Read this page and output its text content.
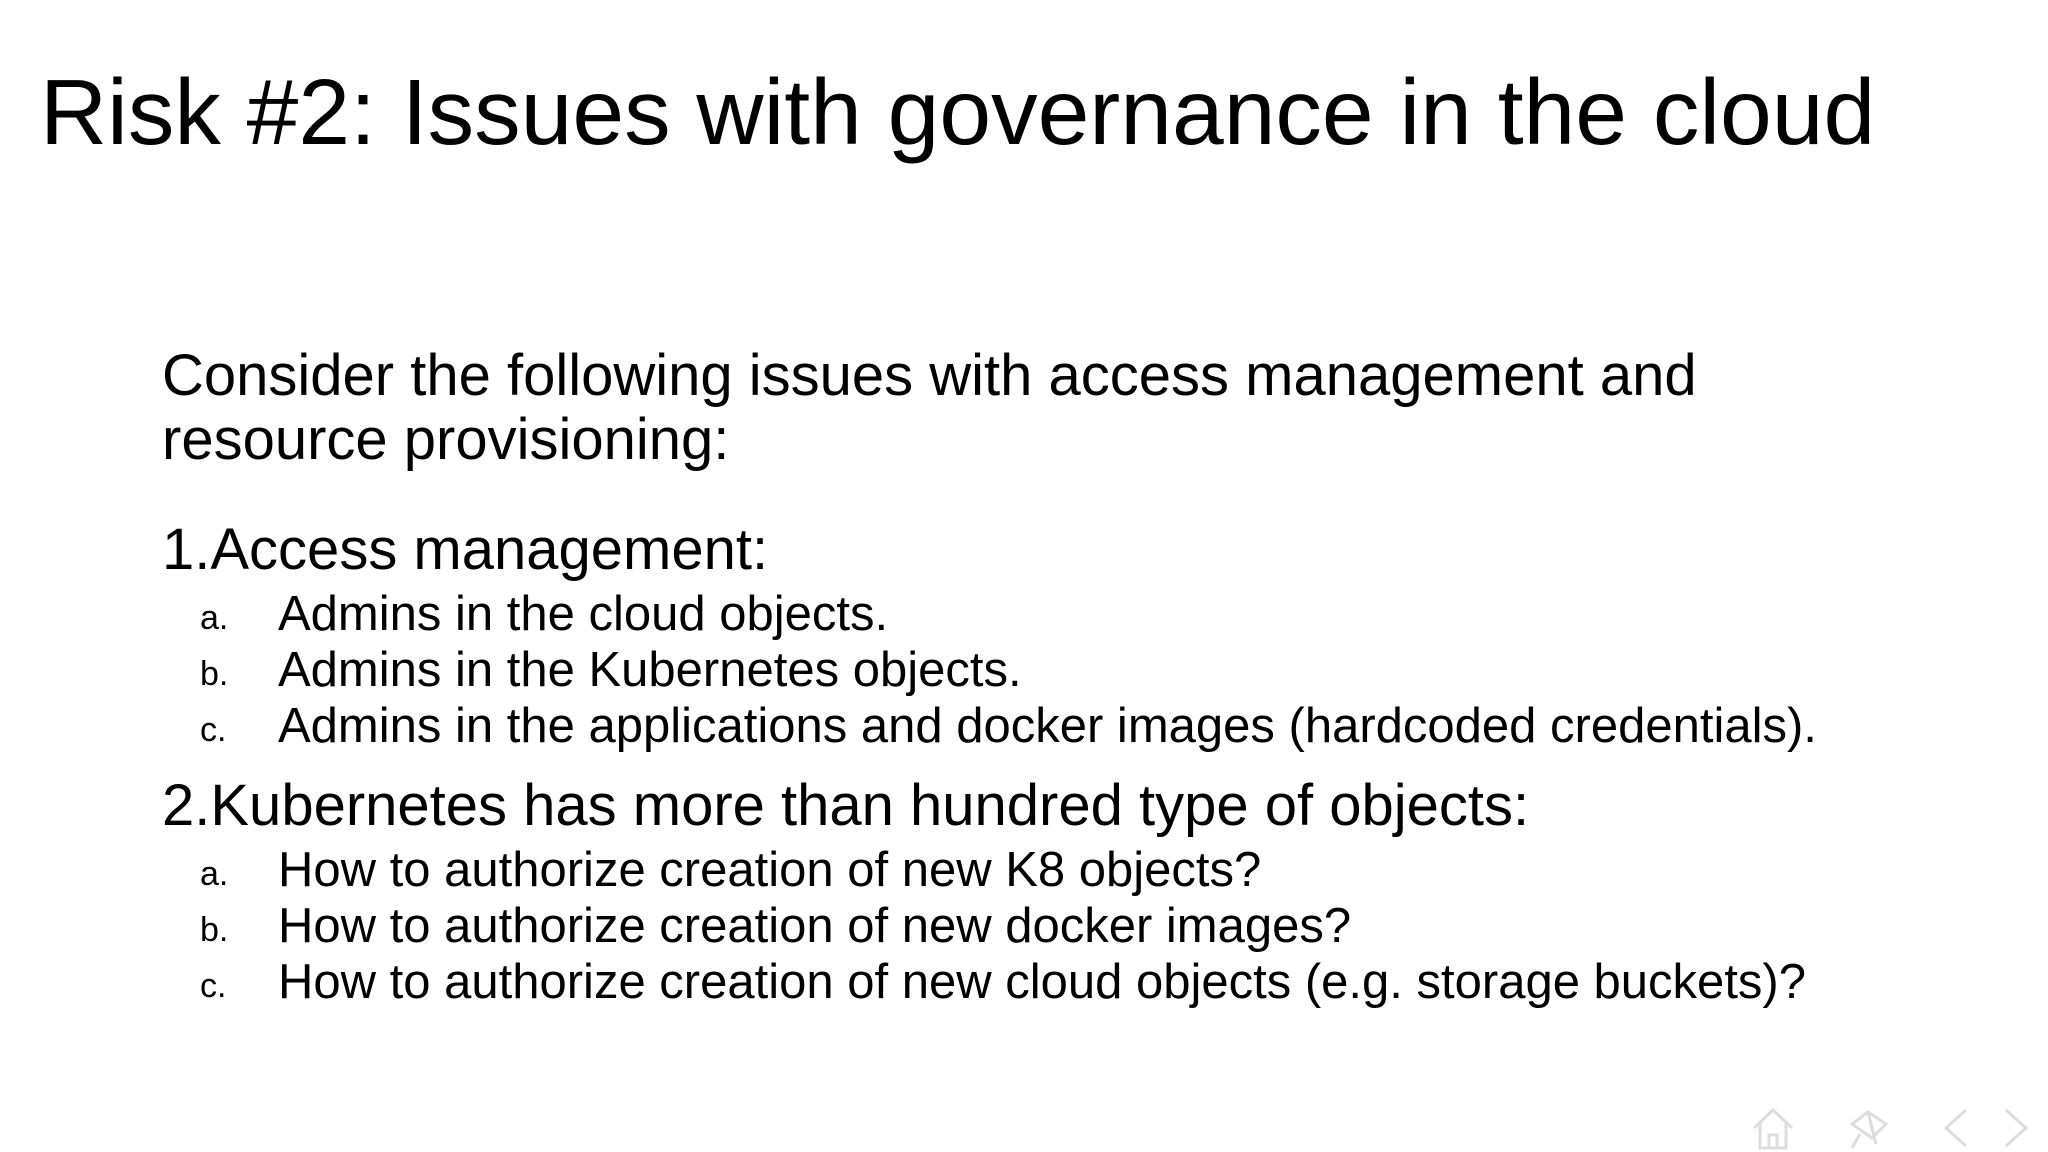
Risk #2: Issues with governance in the cloud
Consider the following issues with access management and
resource provisioning:
1.Access management:
a. Admins in the cloud objects.
b. Admins in the Kubernetes objects.
c. Admins in the applications and docker images (hardcoded credentials).
2.Kubernetes has more than hundred type of objects:
a. How to authorize creation of new K8 objects?
b. How to authorize creation of new docker images?
c. How to authorize creation of new cloud objects (e.g. storage buckets)?
